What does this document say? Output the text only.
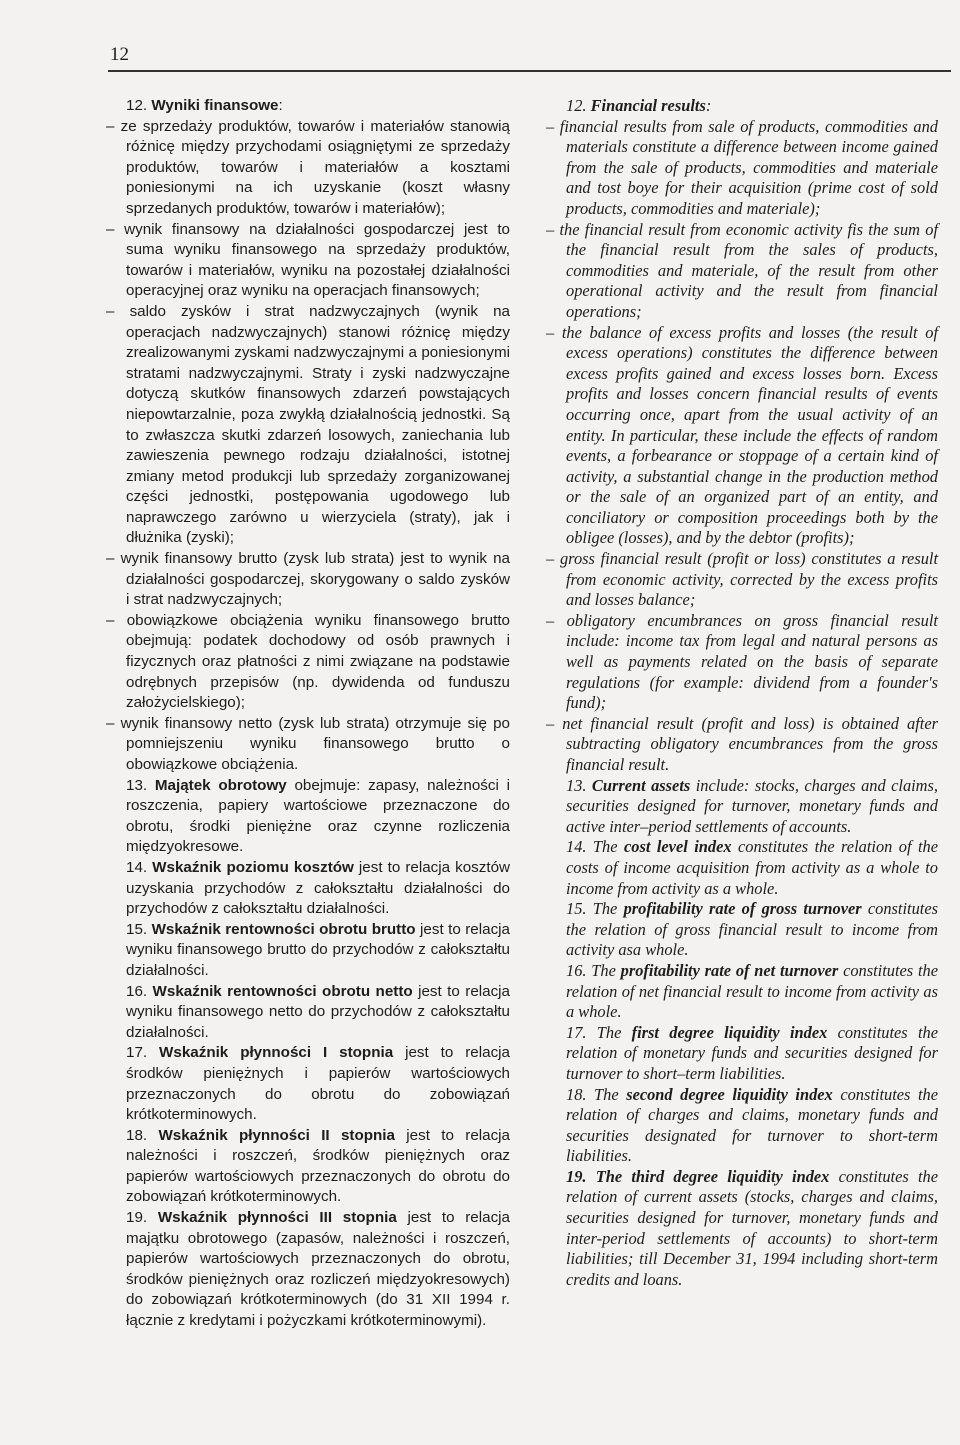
12

12. Wyniki finansowe:

– ze sprzedaży produktów, towarów i materiałów stanowią różnicę między przychodami osiągniętymi ze sprzedaży produktów, towarów i materiałów a kosztami poniesionymi na ich uzyskanie (koszt własny sprzedanych produktów, towarów i materiałów);

– wynik finansowy na działalności gospodarczej jest to suma wyniku finansowego na sprzedaży produktów, towarów i materiałów, wyniku na pozostałej działalności operacyjnej oraz wyniku na operacjach finansowych;

– saldo zysków i strat nadzwyczajnych (wynik na operacjach nadzwyczajnych) stanowi różnicę między zrealizowanymi zyskami nadzwyczajnymi a poniesionymi stratami nadzwyczajnymi. Straty i zyski nadzwyczajne dotyczą skutków finansowych zdarzeń powstających niepowtarzalnie, poza zwykłą działalnością jednostki. Są to zwłaszcza skutki zdarzeń losowych, zaniechania lub zawieszenia pewnego rodzaju działalności, istotnej zmiany metod produkcji lub sprzedaży zorganizowanej części jednostki, postępowania ugodowego lub naprawczego zarówno u wierzyciela (straty), jak i dłużnika (zyski);

– wynik finansowy brutto (zysk lub strata) jest to wynik na działalności gospodarczej, skorygowany o saldo zysków i strat nadzwyczajnych;

– obowiązkowe obciążenia wyniku finansowego brutto obejmują: podatek dochodowy od osób prawnych i fizycznych oraz płatności z nimi związane na podstawie odrębnych przepisów (np. dywidenda od funduszu założycielskiego);

– wynik finansowy netto (zysk lub strata) otrzymuje się po pomniejszeniu wyniku finansowego brutto o obowiązkowe obciążenia.

13. Majątek obrotowy obejmuje: zapasy, należności i roszczenia, papiery wartościowe przeznaczone do obrotu, środki pieniężne oraz czynne rozliczenia międzyokresowe.

14. Wskaźnik poziomu kosztów jest to relacja kosztów uzyskania przychodów z całokształtu działalności do przychodów z całokształtu działalności.

15. Wskaźnik rentowności obrotu brutto jest to relacja wyniku finansowego brutto do przychodów z całokształtu działalności.

16. Wskaźnik rentowności obrotu netto jest to relacja wyniku finansowego netto do przychodów z całokształtu działalności.

17. Wskaźnik płynności I stopnia jest to relacja środków pieniężnych i papierów wartościowych przeznaczonych do obrotu do zobowiązań krótkoterminowych.

18. Wskaźnik płynności II stopnia jest to relacja należności i roszczeń, środków pieniężnych oraz papierów wartościowych przeznaczonych do obrotu do zobowiązań krótkoterminowych.

19. Wskaźnik płynności III stopnia jest to relacja majątku obrotowego (zapasów, należności i roszczeń, papierów wartościowych przeznaczonych do obrotu, środków pieniężnych oraz rozliczeń międzyokresowych) do zobowiązań krótkoterminowych (do 31 XII 1994 r. łącznie z kredytami i pożyczkami krótkoterminowymi).

12. Financial results:

– financial results from sale of products, commodities and materials constitute a difference between income gained from the sale of products, commodities and materiale and tost boye for their acquisition (prime cost of sold products, commodities and materiale);

– the financial result from economic activity fis the sum of the financial result from the sales of products, commodities and materiale, of the result from other operational activity and the result from financial operations;

– the balance of excess profits and losses (the result of excess operations) constitutes the difference between excess profits gained and excess losses born. Excess profits and losses concern financial results of events occurring once, apart from the usual activity of an entity. In particular, these include the effects of random events, a forbearance or stoppage of a certain kind of activity, a substantial change in the production method or the sale of an organized part of an entity, and conciliatory or composition proceedings both by the obligee (losses), and by the debtor (profits);

– gross financial result (profit or loss) constitutes a result from economic activity, corrected by the excess profits and losses balance;

– obligatory encumbrances on gross financial result include: income tax from legal and natural persons as well as payments related on the basis of separate regulations (for example: dividend from a founder's fund);

– net financial result (profit and loss) is obtained after subtracting obligatory encumbrances from the gross financial result.

13. Current assets include: stocks, charges and claims, securities designed for turnover, monetary funds and active inter–period settlements of accounts.

14. The cost level index constitutes the relation of the costs of income acquisition from activity as a whole to income from activity as a whole.

15. The profitability rate of gross turnover constitutes the relation of gross financial result to income from activity asa whole.

16. The profitability rate of net turnover constitutes the relation of net financial result to income from activity as a whole.

17. The first degree liquidity index constitutes the relation of monetary funds and securities designed for turnover to short–term liabilities.

18. The second degree liquidity index constitutes the relation of charges and claims, monetary funds and securities designated for turnover to short-term liabilities.

19. The third degree liquidity index constitutes the relation of current assets (stocks, charges and claims, securities designed for turnover, monetary funds and inter-period settlements of accounts) to short-term liabilities; till December 31, 1994 including short-term credits and loans.
